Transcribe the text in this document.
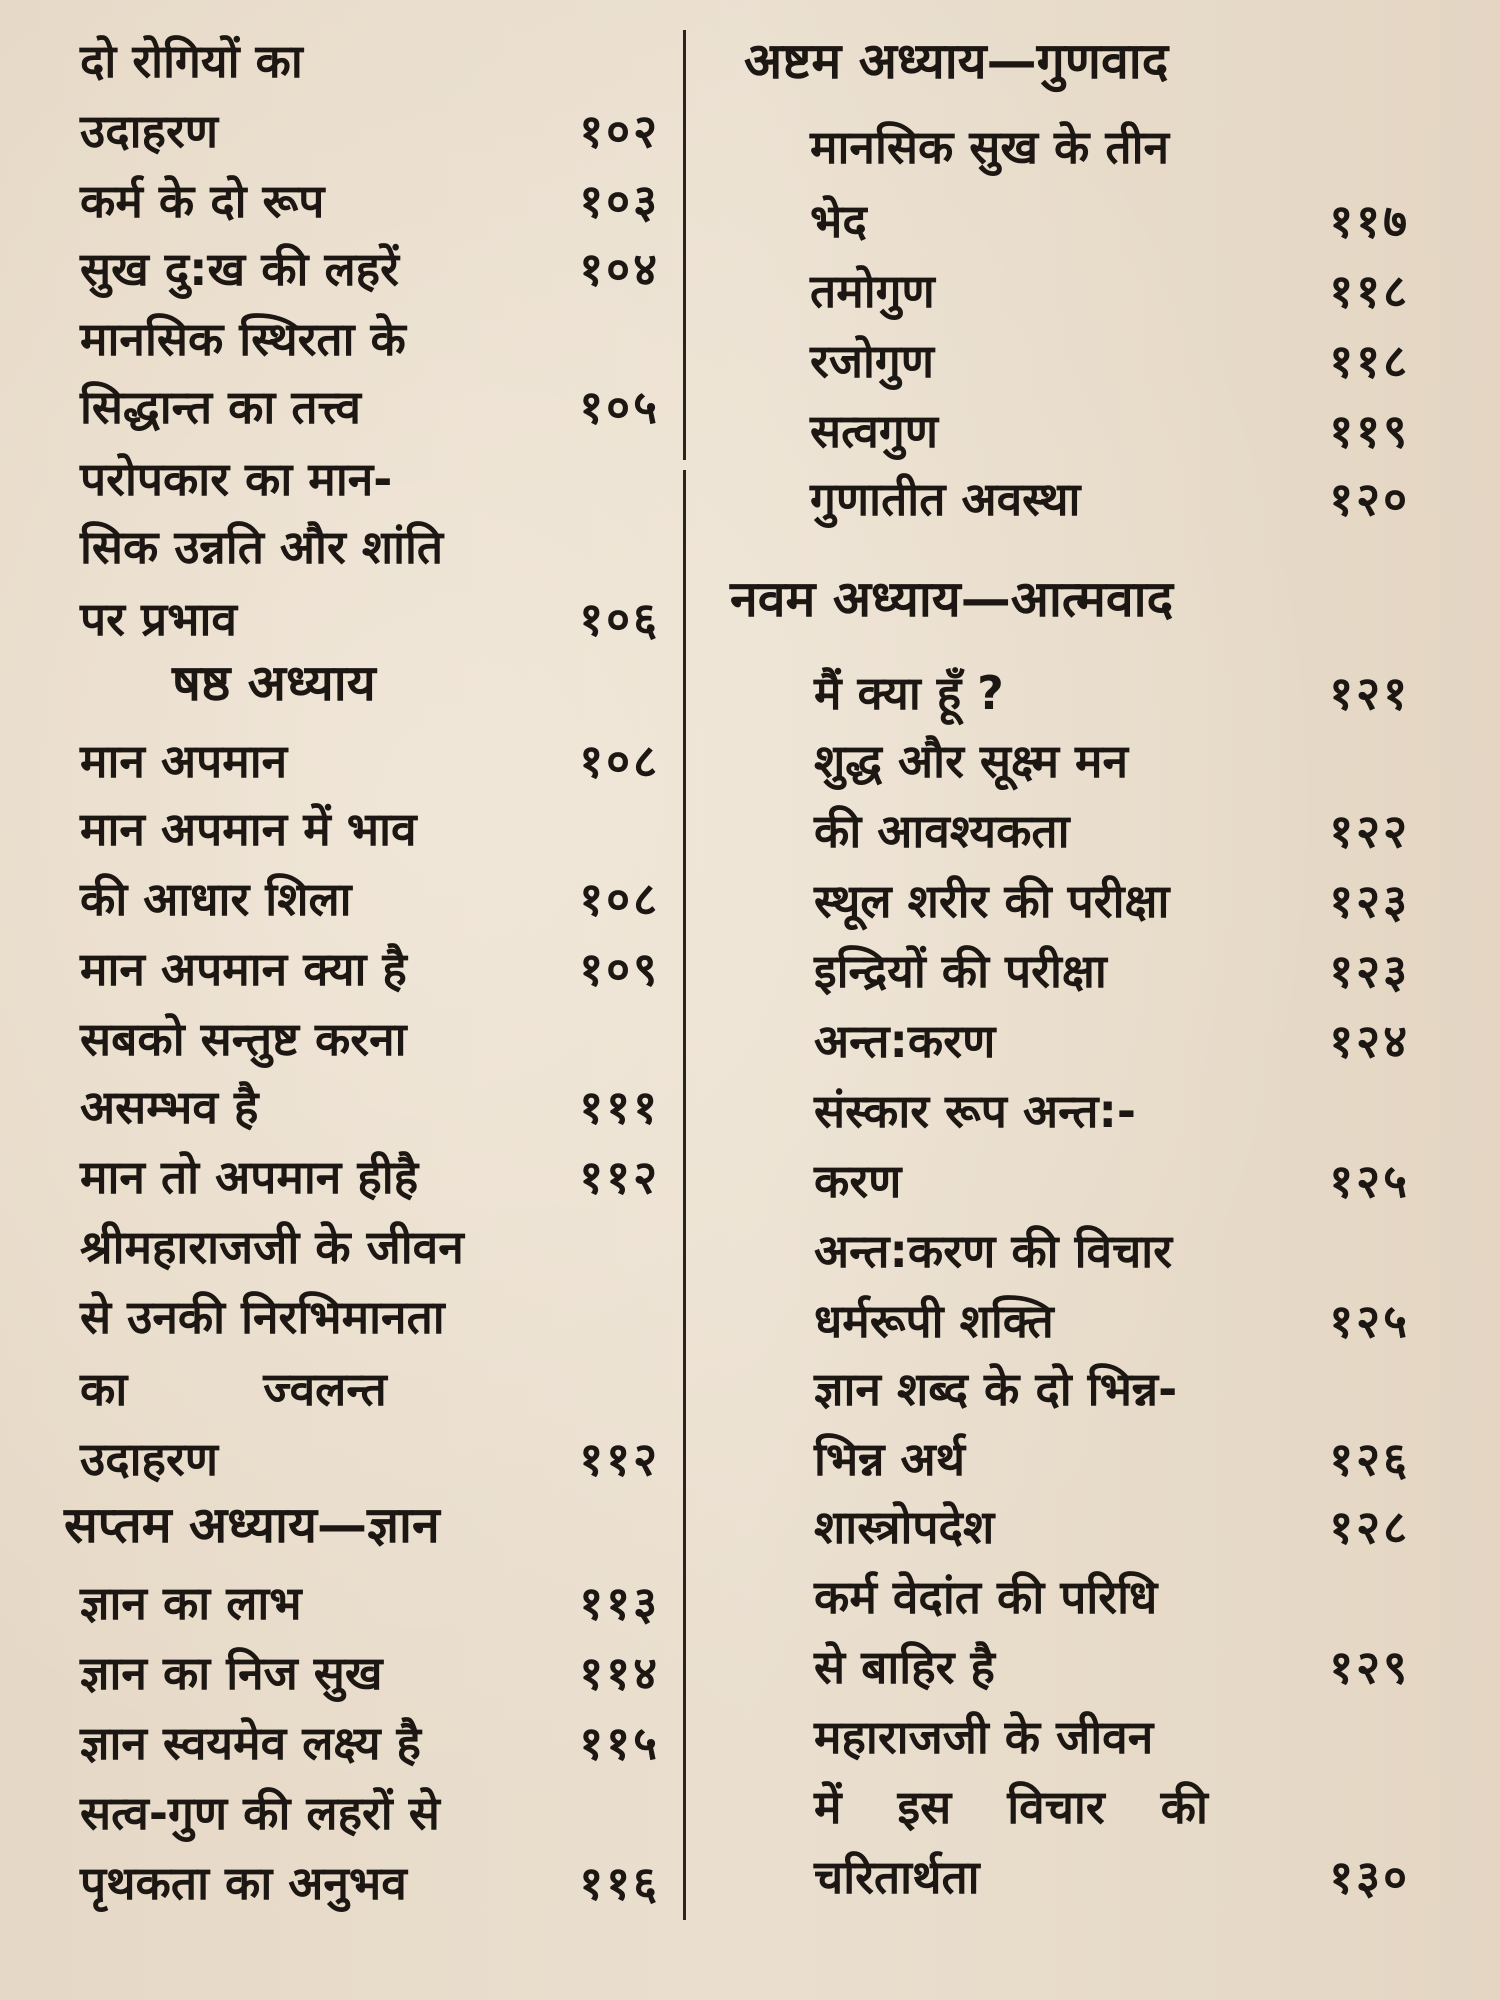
दो रोगियों का
उदाहरण	१०२
कर्म के दो रूप	१०३
सुख दु:ख की लहरें	१०४
मानसिक स्थिरता के
सिद्धान्त का तत्त्व	१०५
परोपकार का मान-
सिक उन्नति और शांति
पर प्रभाव	१०६
षष्ठ अध्याय
मान अपमान	१०८
मान अपमान में भाव
की आधार शिला	१०८
मान अपमान क्या है	१०९
सबको सन्तुष्ट करना
असम्भव है	१११
मान तो अपमान हीहै	११२
श्रीमहाराजजी के जीवन
से उनकी निरभिमानता
का ज्वलन्त
उदाहरण	११२
सप्तम अध्याय—ज्ञान
ज्ञान का लाभ	११३
ज्ञान का निज सुख	११४
ज्ञान स्वयमेव लक्ष्य है	११५
सत्व-गुण की लहरों से
पृथकता का अनुभव	११६
अष्टम अध्याय—गुणवाद
मानसिक सुख के तीन
भेद	११७
तमोगुण	११८
रजोगुण	११८
सत्वगुण	११९
गुणातीत अवस्था	१२०
नवम अध्याय—आत्मवाद
मैं क्या हूँ ?	१२१
शुद्ध और सूक्ष्म मन
की आवश्यकता	१२२
स्थूल शरीर की परीक्षा	१२३
इन्द्रियों की परीक्षा	१२३
अन्त:करण	१२४
संस्कार रूप अन्त:-
करण	१२५
अन्त:करण की विचार
धर्मरूपी शक्ति	१२५
ज्ञान शब्द के दो भिन्न-
भिन्न अर्थ	१२६
शास्त्रोपदेश	१२८
कर्म वेदांत की परिधि
से बाहिर है	१२९
महाराजजी के जीवन
में इस विचार की
चरितार्थता	१३०
